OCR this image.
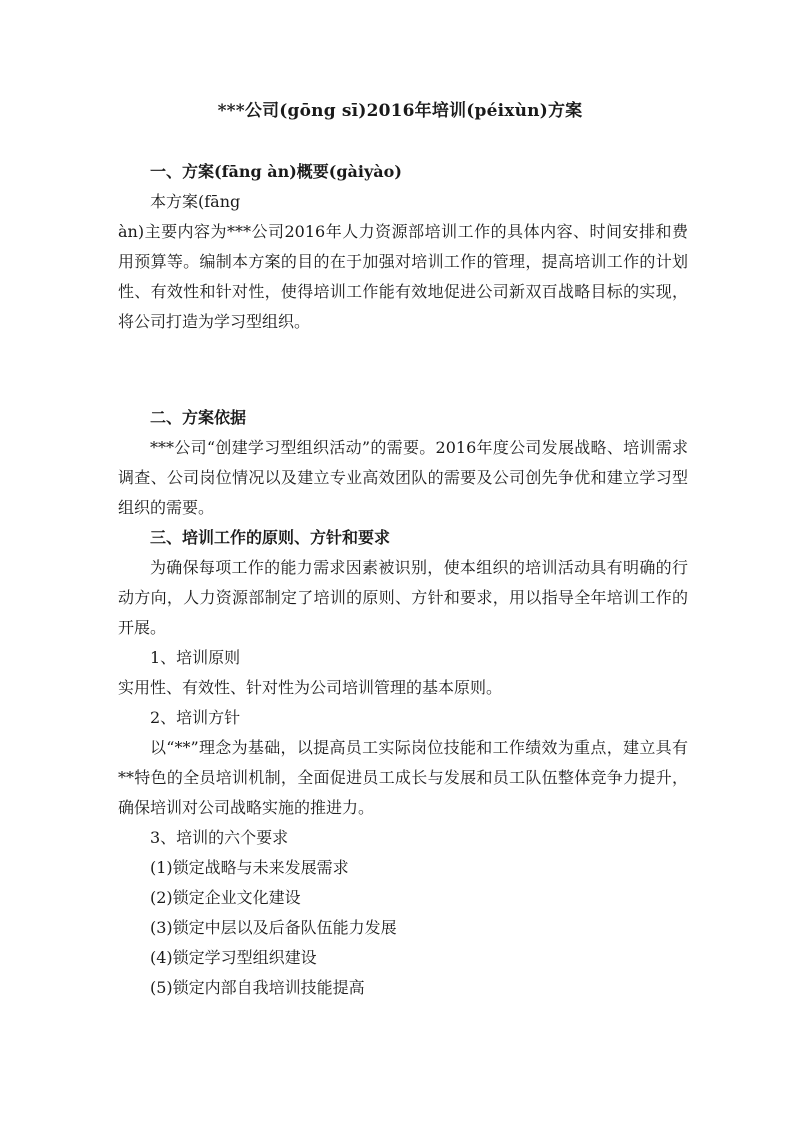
***公司(gōng sī)2016年培训(péixùn)方案

一、方案(fāng àn)概要(gàiyào)

本方案(fāng

àn)主要内容为***公司2016年人力资源部培训工作的具体内容、时间安排和费用预算等。编制本方案的目的在于加强对培训工作的管理，提高培训工作的计划性、有效性和针对性，使得培训工作能有效地促进公司新双百战略目标的实现，将公司打造为学习型组织。

二、方案依据

***公司“创建学习型组织活动”的需要。2016年度公司发展战略、培训需求调查、公司岗位情况以及建立专业高效团队的需要及公司创先争优和建立学习型组织的需要。

三、培训工作的原则、方针和要求

为确保每项工作的能力需求因素被识别，使本组织的培训活动具有明确的行动方向，人力资源部制定了培训的原则、方针和要求，用以指导全年培训工作的开展。

1、培训原则

实用性、有效性、针对性为公司培训管理的基本原则。

2、培训方针

以“**”理念为基础，以提高员工实际岗位技能和工作绩效为重点，建立具有**特色的全员培训机制，全面促进员工成长与发展和员工队伍整体竞争力提升，确保培训对公司战略实施的推进力。

3、培训的六个要求

(1)锁定战略与未来发展需求

(2)锁定企业文化建设

(3)锁定中层以及后备队伍能力发展

(4)锁定学习型组织建设

(5)锁定内部自我培训技能提高
